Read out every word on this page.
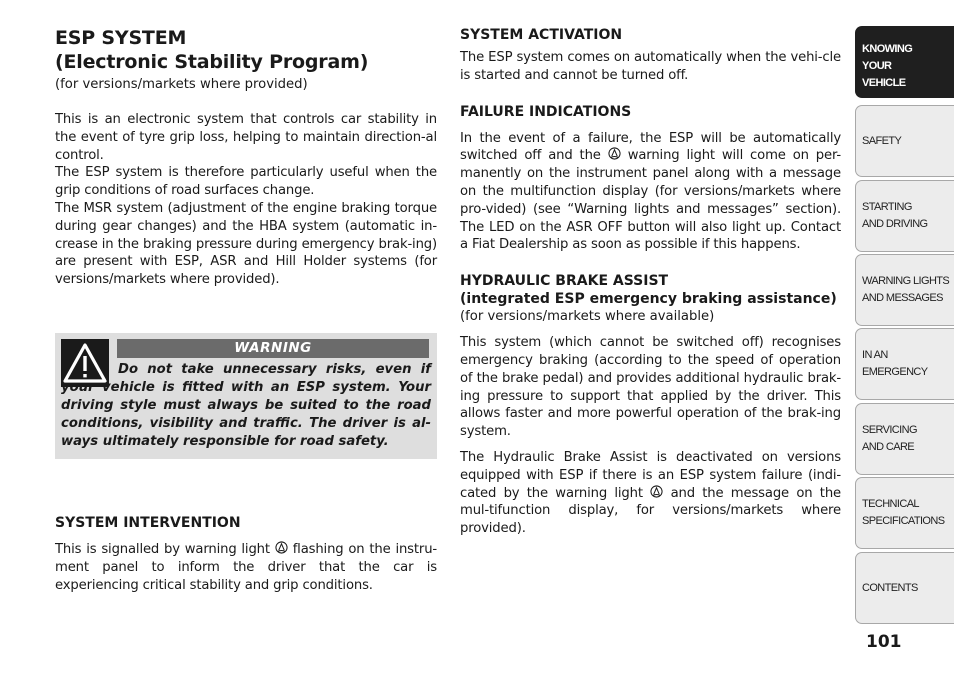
ESP SYSTEM
(Electronic Stability Program)

(for versions/markets where provided)

This is an electronic system that controls car stability in the event of tyre grip loss, helping to maintain direction-al control.

The ESP system is therefore particularly useful when the grip conditions of road surfaces change.

The MSR system (adjustment of the engine braking torque during gear changes) and the HBA system (automatic in-crease in the braking pressure during emergency brak-ing) are present with ESP, ASR and Hill Holder systems (for versions/markets where provided).

WARNING
Do not take unnecessary risks, even if your vehicle is fitted with an ESP system. Your driving style must always be suited to the road conditions, visibility and traffic. The driver is al-ways ultimately responsible for road safety.

SYSTEM INTERVENTION

This is signalled by warning light flashing on the instru-ment panel to inform the driver that the car is experiencing critical stability and grip conditions.

SYSTEM ACTIVATION

The ESP system comes on automatically when the vehi-cle is started and cannot be turned off.

FAILURE INDICATIONS

In the event of a failure, the ESP will be automatically switched off and the warning light will come on per-manently on the instrument panel along with a message on the multifunction display (for versions/markets where pro-vided) (see “Warning lights and messages” section). The LED on the ASR OFF button will also light up. Contact a Fiat Dealership as soon as possible if this happens.

HYDRAULIC BRAKE ASSIST

(integrated ESP emergency braking assistance)

(for versions/markets where available)

This system (which cannot be switched off) recognises emergency braking (according to the speed of operation of the brake pedal) and provides additional hydraulic brak-ing pressure to support that applied by the driver. This allows faster and more powerful operation of the brak-ing system.

The Hydraulic Brake Assist is deactivated on versions equipped with ESP if there is an ESP system failure (indi-cated by the warning light and the message on the mul-tifunction display, for versions/markets where provided).

KNOWING
YOUR
VEHICLE
SAFETY
STARTING
AND DRIVING
WARNING LIGHTS
AND MESSAGES
IN AN
EMERGENCY
SERVICING
AND CARE
TECHNICAL
SPECIFICATIONS
CONTENTS
101
